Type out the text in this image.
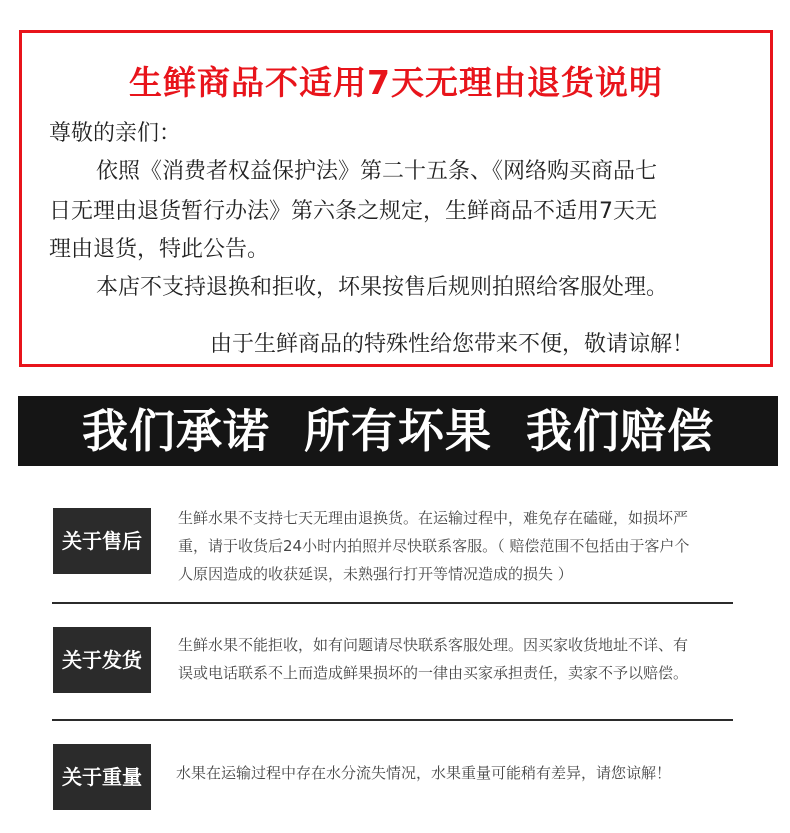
生鲜商品不适用7天无理由退货说明
尊敬的亲们：
依照《消费者权益保护法》第二十五条、《网络购买商品七
日无理由退货暂行办法》第六条之规定，生鲜商品不适用7天无
理由退货，特此公告。
本店不支持退换和拒收，坏果按售后规则拍照给客服处理。
由于生鲜商品的特殊性给您带来不便，敬请谅解！
我们承诺  所有坏果  我们赔偿
关于售后
生鲜水果不支持七天无理由退换货。在运输过程中，难免存在磕碰，如损坏严
重，请于收货后24小时内拍照并尽快联系客服。（ 赔偿范围不包括由于客户个
人原因造成的收获延误，未熟强行打开等情况造成的损失 ）
关于发货
生鲜水果不能拒收，如有问题请尽快联系客服处理。因买家收货地址不详、有
误或电话联系不上而造成鲜果损坏的一律由买家承担责任，卖家不予以赔偿。
关于重量	水果在运输过程中存在水分流失情况，水果重量可能稍有差异，请您谅解！
